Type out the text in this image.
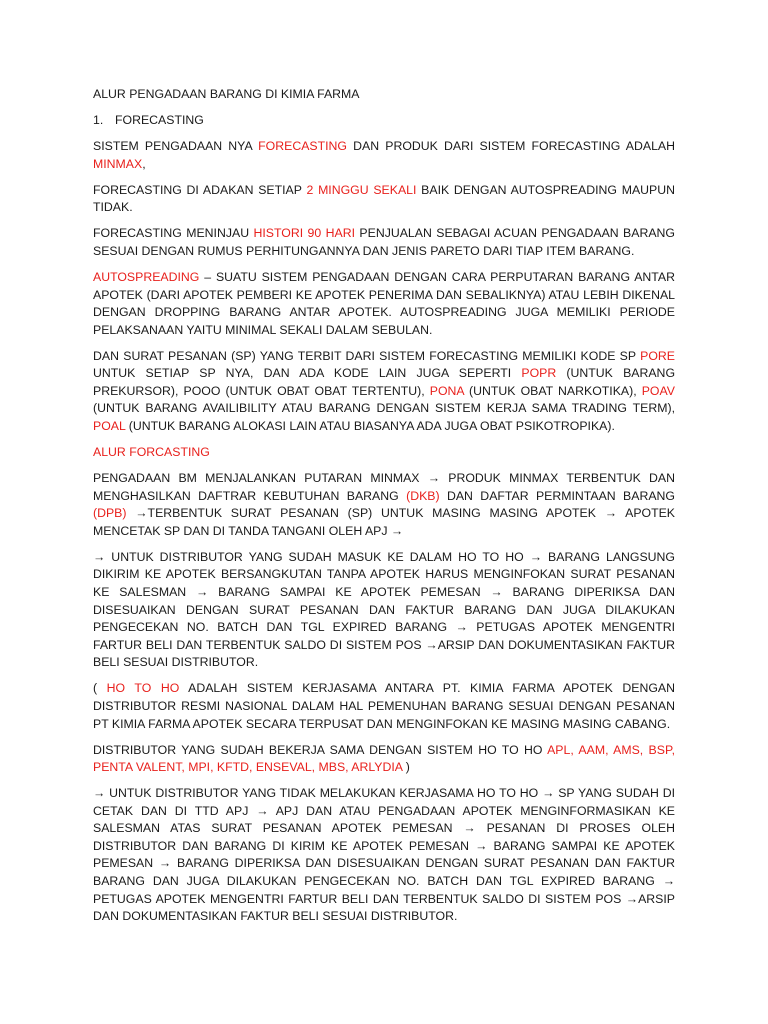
ALUR PENGADAAN BARANG DI KIMIA FARMA

1. FORECASTING

SISTEM PENGADAAN NYA FORECASTING DAN PRODUK DARI SISTEM FORECASTING ADALAH MINMAX,

FORECASTING DI ADAKAN SETIAP 2 MINGGU SEKALI BAIK DENGAN AUTOSPREADING MAUPUN TIDAK.

FORECASTING MENINJAU HISTORI 90 HARI PENJUALAN SEBAGAI ACUAN PENGADAAN BARANG SESUAI DENGAN RUMUS PERHITUNGANNYA DAN JENIS PARETO DARI TIAP ITEM BARANG.

AUTOSPREADING – SUATU SISTEM PENGADAAN DENGAN CARA PERPUTARAN BARANG ANTAR APOTEK (DARI APOTEK PEMBERI KE APOTEK PENERIMA DAN SEBALIKNYA) ATAU LEBIH DIKENAL DENGAN DROPPING BARANG ANTAR APOTEK. AUTOSPREADING JUGA MEMILIKI PERIODE PELAKSANAAN YAITU MINIMAL SEKALI DALAM SEBULAN.

DAN SURAT PESANAN (SP) YANG TERBIT DARI SISTEM FORECASTING MEMILIKI KODE SP PORE UNTUK SETIAP SP NYA, DAN ADA KODE LAIN JUGA SEPERTI POPR (UNTUK BARANG PREKURSOR), POOO (UNTUK OBAT OBAT TERTENTU), PONA (UNTUK OBAT NARKOTIKA), POAV (UNTUK BARANG AVAILIBILITY ATAU BARANG DENGAN SISTEM KERJA SAMA TRADING TERM), POAL (UNTUK BARANG ALOKASI LAIN ATAU BIASANYA ADA JUGA OBAT PSIKOTROPIKA).

ALUR FORCASTING

PENGADAAN BM MENJALANKAN PUTARAN MINMAX → PRODUK MINMAX TERBENTUK DAN MENGHASILKAN DAFTRAR KEBUTUHAN BARANG (DKB) DAN DAFTAR PERMINTAAN BARANG (DPB) →TERBENTUK SURAT PESANAN (SP) UNTUK MASING MASING APOTEK → APOTEK MENCETAK SP DAN DI TANDA TANGANI OLEH APJ →

→ UNTUK DISTRIBUTOR YANG SUDAH MASUK KE DALAM HO TO HO → BARANG LANGSUNG DIKIRIM KE APOTEK BERSANGKUTAN TANPA APOTEK HARUS MENGINFOKAN SURAT PESANAN KE SALESMAN → BARANG SAMPAI KE APOTEK PEMESAN → BARANG DIPERIKSA DAN DISESUAIKAN DENGAN SURAT PESANAN DAN FAKTUR BARANG DAN JUGA DILAKUKAN PENGECEKAN NO. BATCH DAN TGL EXPIRED BARANG → PETUGAS APOTEK MENGENTRI FARTUR BELI DAN TERBENTUK SALDO DI SISTEM POS →ARSIP DAN DOKUMENTASIKAN FAKTUR BELI SESUAI DISTRIBUTOR.

( HO TO HO ADALAH SISTEM KERJASAMA ANTARA PT. KIMIA FARMA APOTEK DENGAN DISTRIBUTOR RESMI NASIONAL DALAM HAL PEMENUHAN BARANG SESUAI DENGAN PESANAN PT KIMIA FARMA APOTEK SECARA TERPUSAT DAN MENGINFOKAN KE MASING MASING CABANG.

DISTRIBUTOR YANG SUDAH BEKERJA SAMA DENGAN SISTEM HO TO HO APL, AAM, AMS, BSP, PENTA VALENT, MPI, KFTD, ENSEVAL, MBS, ARLYDIA )

→ UNTUK DISTRIBUTOR YANG TIDAK MELAKUKAN KERJASAMA HO TO HO → SP YANG SUDAH DI CETAK DAN DI TTD APJ → APJ DAN ATAU PENGADAAN APOTEK MENGINFORMASIKAN KE SALESMAN ATAS SURAT PESANAN APOTEK PEMESAN → PESANAN DI PROSES OLEH DISTRIBUTOR DAN BARANG DI KIRIM KE APOTEK PEMESAN → BARANG SAMPAI KE APOTEK PEMESAN → BARANG DIPERIKSA DAN DISESUAIKAN DENGAN SURAT PESANAN DAN FAKTUR BARANG DAN JUGA DILAKUKAN PENGECEKAN NO. BATCH DAN TGL EXPIRED BARANG → PETUGAS APOTEK MENGENTRI FARTUR BELI DAN TERBENTUK SALDO DI SISTEM POS →ARSIP DAN DOKUMENTASIKAN FAKTUR BELI SESUAI DISTRIBUTOR.
